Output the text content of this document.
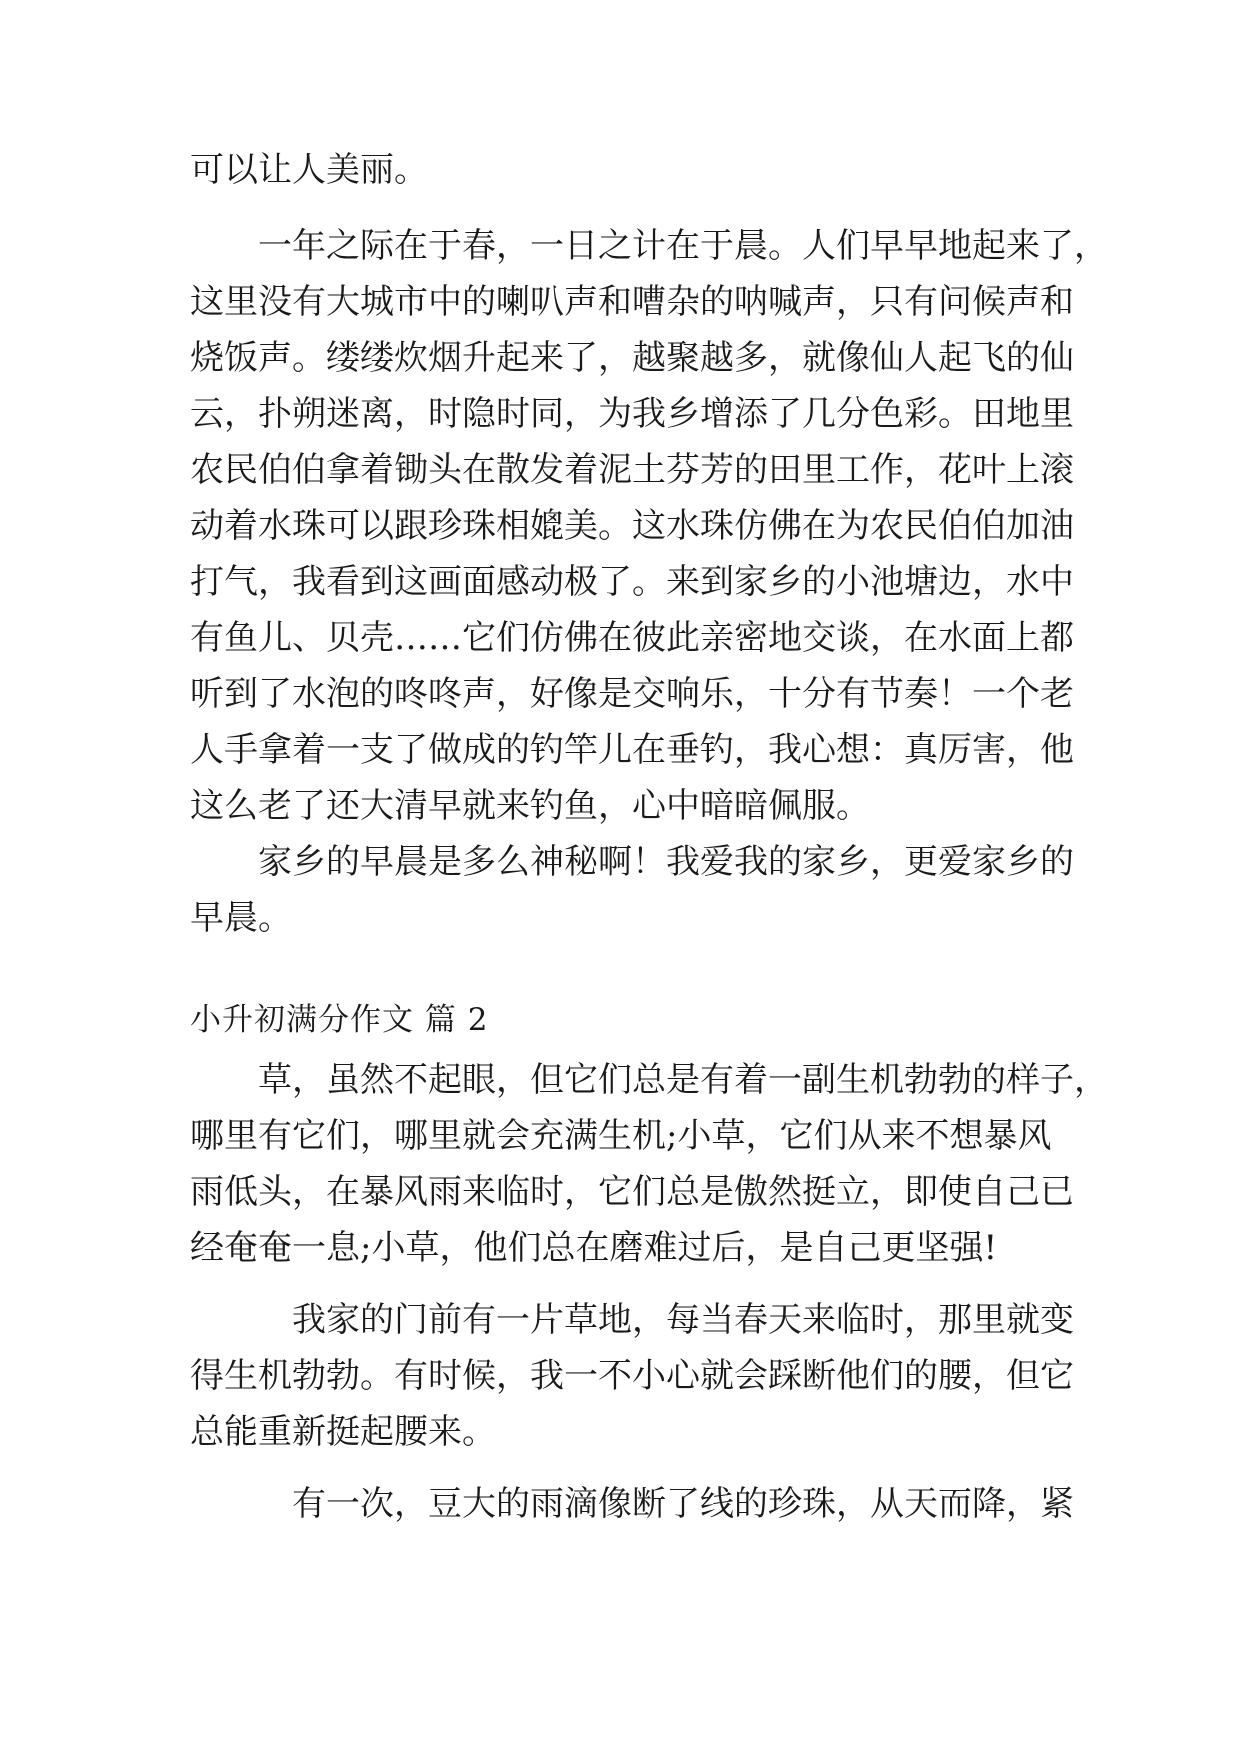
可以让人美丽。
一年之际在于春，一日之计在于晨。人们早早地起来了，
这里没有大城市中的喇叭声和嘈杂的呐喊声，只有问候声和
烧饭声。缕缕炊烟升起来了，越聚越多，就像仙人起飞的仙
云，扑朔迷离，时隐时同，为我乡增添了几分色彩。田地里
农民伯伯拿着锄头在散发着泥土芬芳的田里工作，花叶上滚
动着水珠可以跟珍珠相媲美。这水珠仿佛在为农民伯伯加油
打气，我看到这画面感动极了。来到家乡的小池塘边，水中
有鱼儿、贝壳……它们仿佛在彼此亲密地交谈，在水面上都
听到了水泡的咚咚声，好像是交响乐，十分有节奏！一个老
人手拿着一支了做成的钓竿儿在垂钓，我心想：真厉害，他
这么老了还大清早就来钓鱼，心中暗暗佩服。
家乡的早晨是多么神秘啊！我爱我的家乡，更爱家乡的
早晨。
小升初满分作文 篇 2
草，虽然不起眼，但它们总是有着一副生机勃勃的样子，
哪里有它们，哪里就会充满生机;小草，它们从来不想暴风
雨低头，在暴风雨来临时，它们总是傲然挺立，即使自己已
经奄奄一息;小草，他们总在磨难过后，是自己更坚强!
我家的门前有一片草地，每当春天来临时，那里就变
得生机勃勃。有时候，我一不小心就会踩断他们的腰，但它
总能重新挺起腰来。
有一次，豆大的雨滴像断了线的珍珠，从天而降，紧
